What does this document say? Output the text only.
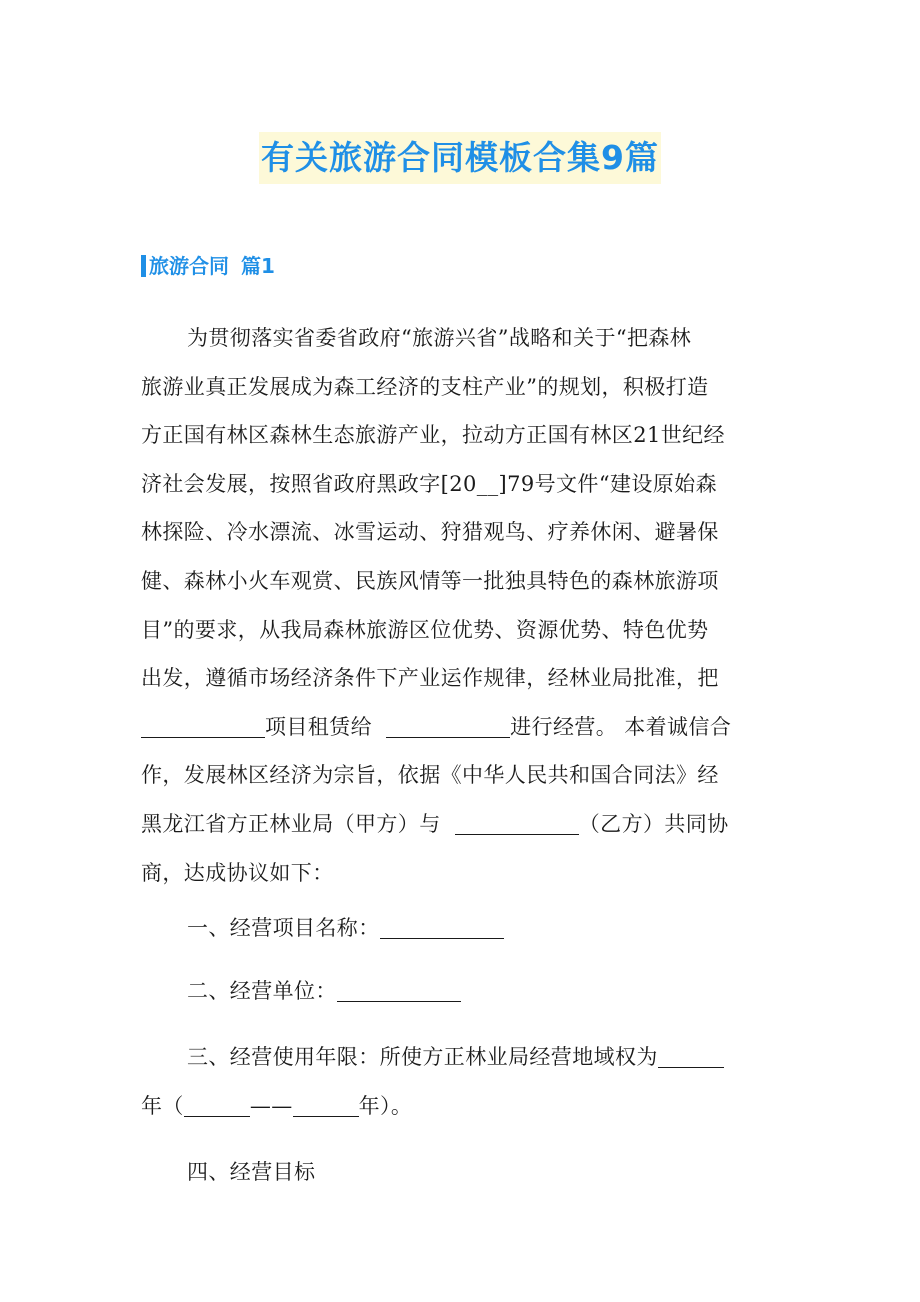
有关旅游合同模板合集9篇
旅游合同 篇1
为贯彻落实省委省政府“旅游兴省”战略和关于“把森林
旅游业真正发展成为森工经济的支柱产业”的规划，积极打造
方正国有林区森林生态旅游产业，拉动方正国有林区21世纪经
济社会发展，按照省政府黑政字[20__]79号文件“建设原始森
林探险、冷水漂流、冰雪运动、狩猎观鸟、疗养休闲、避暑保
健、森林小火车观赏、民族风情等一批独具特色的森林旅游项
目”的要求，从我局森林旅游区位优势、资源优势、特色优势
出发，遵循市场经济条件下产业运作规律，经林业局批准，把
项目租赁给	进行经营。 本着诚信合
作，发展林区经济为宗旨，依据《中华人民共和国合同法》经
黑龙江省方正林业局（甲方）与	（乙方）共同协
商，达成协议如下：
一、经营项目名称：
二、经营单位：
三、经营使用年限：所使方正林业局经营地域权为
年（	——	年）。
四、经营目标
